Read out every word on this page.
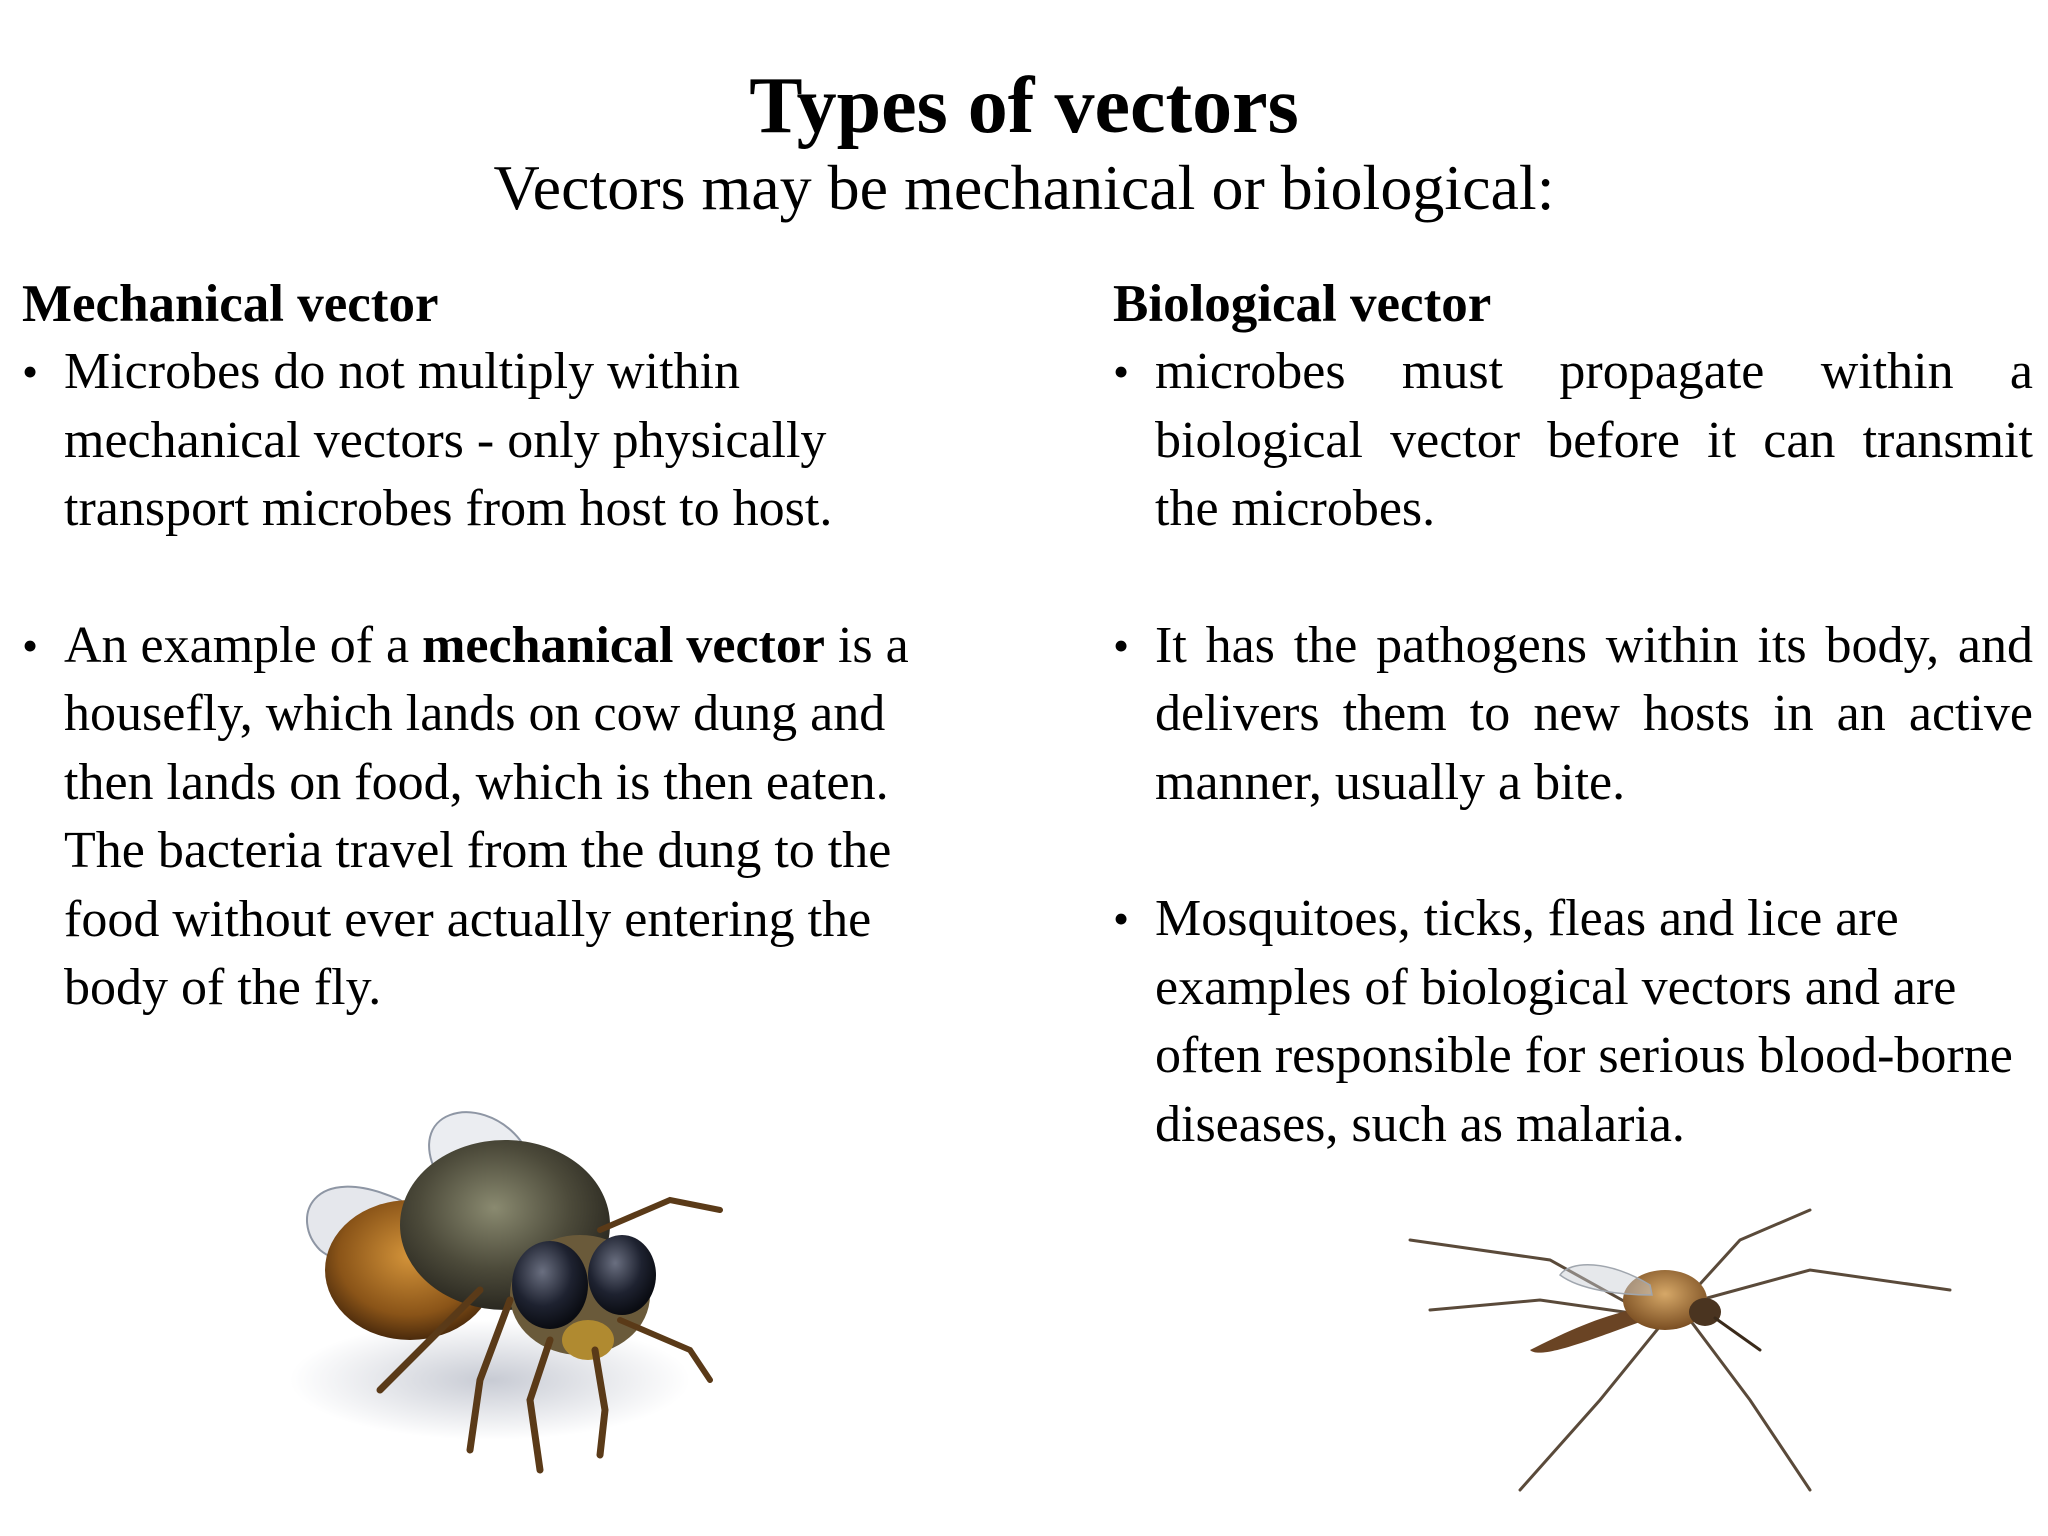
Types of vectors

Vectors may be mechanical or biological:

Mechanical vector
• Microbes do not multiply within mechanical vectors - only physically transport microbes from host to host.
• An example of a mechanical vector is a housefly, which lands on cow dung and then lands on food, which is then eaten. The bacteria travel from the dung to the food without ever actually entering the body of the fly.
Biological vector
• microbes must propagate within a biological vector before it can transmit the microbes.
• It has the pathogens within its body, and delivers them to new hosts in an active manner, usually a bite.
• Mosquitoes, ticks, fleas and lice are examples of biological vectors and are often responsible for serious blood-borne diseases, such as malaria.
